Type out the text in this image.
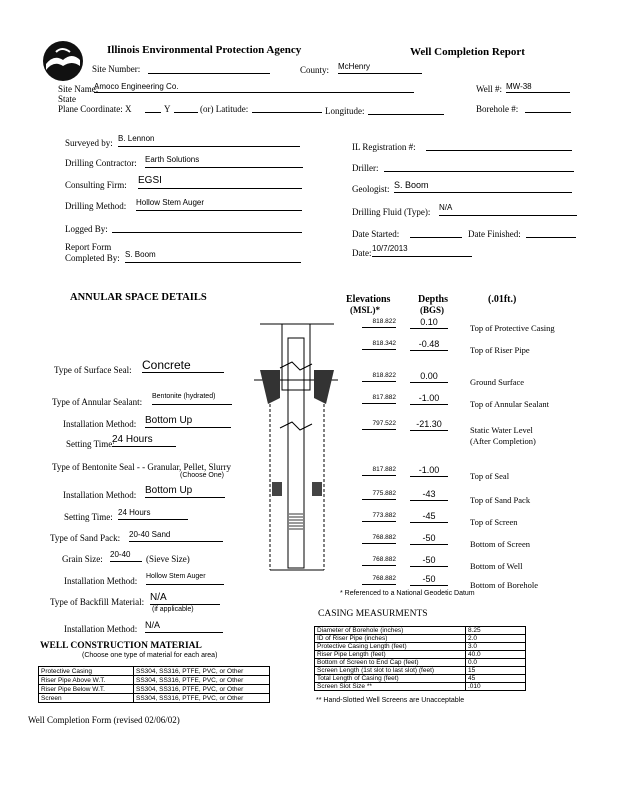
Illinois Environmental Protection Agency	Well Completion Report
Site Number:	County: McHenry
Site Name:
Amoco Engineering Co.	Well #: MW-38
State
Plane Coordinate: X	Y	(or) Latitude:	Longitude:	Borehole #:
Surveyed by: B. Lennon
IL Registration #:
Drilling Contractor: Earth Solutions
Driller:
Consulting Firm: EGSI
Geologist: S. Boom
Drilling Method: Hollow Stem Auger
Drilling Fluid (Type): N/A
Logged By:	Date Started:	Date Finished:
Report Form
Completed By: S. Boom	Date: 10/7/2013
ANNULAR SPACE DETAILS	Elevations
(MSL)*
Depths
(BGS)
(.01ft.)
Type of Surface Seal: Concrete
Type of Annular Sealant:
Bentonite (hydrated)
Installation Method: Bottom Up
Setting Time:
24 Hours
Type of Bentonite Seal - - Granular, Pellet, Slurry
(Choose One)
Installation Method: Bottom Up
Setting Time: 24 Hours
Type of Sand Pack: 20-40 Sand
Grain Size: 20-40	(Sieve Size)
Installation Method: Hollow Stem Auger
Type of Backfill Material: N/A
(if applicable)
Installation Method: N/A
818.822	0.10
Top of Protective Casing
818.342	-0.48
Top of Riser Pipe
818.822	0.00
Ground Surface
817.882	-1.00
Top of Annular Sealant
797.522	-21.30
Static Water Level
(After Completion)
817.882	-1.00
Top of Seal
775.882	-43
Top of Sand Pack
773.882	-45
Top of Screen
768.882	-50
Bottom of Screen
768.882	-50
Bottom of Well
768.882	-50
Bottom of Borehole
* Referenced to a National Geodetic Datum
WELL CONSTRUCTION MATERIAL
(Choose one type of material for each area)
Protective Casing	SS304, SS316, PTFE, PVC, or Other
Riser Pipe Above W.T.	SS304, SS316, PTFE, PVC, or Other
Riser Pipe Below W.T.	SS304, SS316, PTFE, PVC, or Other
Screen	SS304, SS316, PTFE, PVC, or Other
CASING MEASURMENTS
Diameter of Borehole (inches)	8.25
ID of Riser Pipe (inches)	2.0
Protective Casing Length (feet)	3.0
Riser Pipe Length (feet)	40.0
Bottom of Screen to End Cap (feet)	0.0
Screen Length (1st slot to last slot) (feet)	15
Total Length of Casing (feet)	45
Screen Slot Size **	.010
** Hand-Slotted Well Screens are Unacceptable
Well Completion Form (revised 02/06/02)
